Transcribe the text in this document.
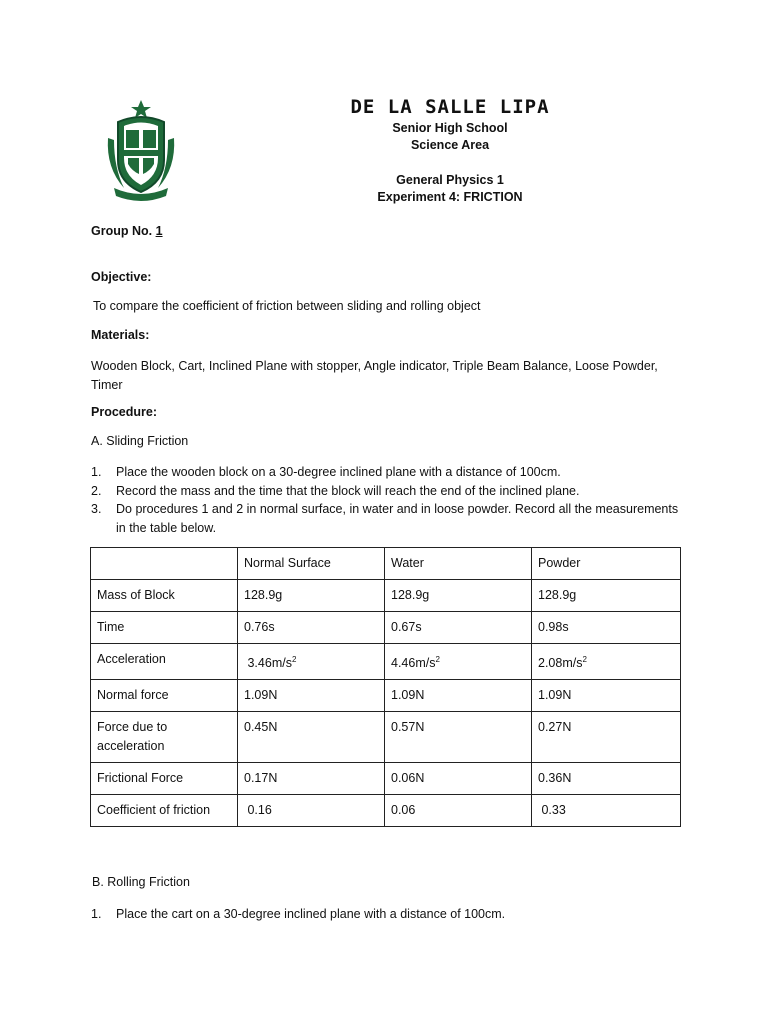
DE LA SALLE LIPA
Senior High School
Science Area
General Physics 1
Experiment 4: FRICTION
Group No. 1
Objective:
To compare the coefficient of friction between sliding and rolling object
Materials:
Wooden Block, Cart, Inclined Plane with stopper, Angle indicator, Triple Beam Balance, Loose Powder, Timer
Procedure:
A. Sliding Friction
1. Place the wooden block on a 30-degree inclined plane with a distance of 100cm.
2. Record the mass and the time that the block will reach the end of the inclined plane.
3. Do procedures 1 and 2 in normal surface, in water and in loose powder. Record all the measurements in the table below.
	Normal Surface	Water	Powder
Mass of Block	128.9g	128.9g	128.9g
Time	0.76s	0.67s	0.98s
Acceleration	$3.46m/s^2$	$4.46m/s^2$	$2.08m/s^2$
Normal force	1.09N	1.09N	1.09N
Force due to acceleration	0.45N	0.57N	0.27N
Frictional Force	0.17N	0.06N	0.36N
Coefficient of friction	0.16	0.06	0.33
B. Rolling Friction
1. Place the cart on a 30-degree inclined plane with a distance of 100cm.
